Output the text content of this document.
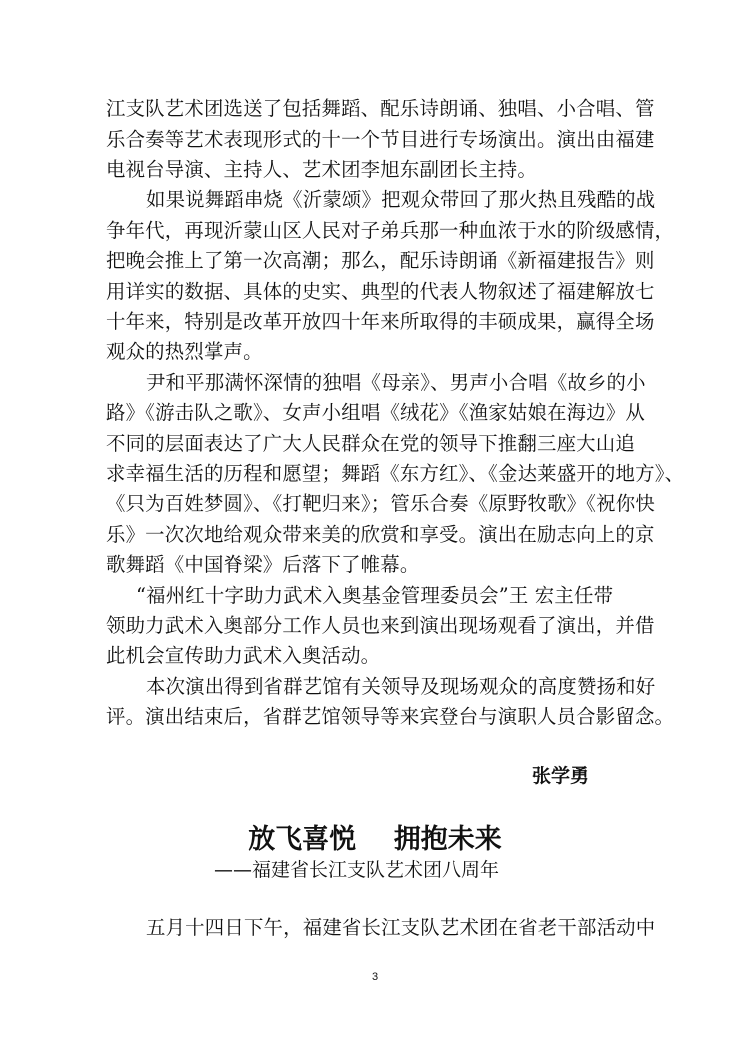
江支队艺术团选送了包括舞蹈、配乐诗朗诵、独唱、小合唱、管
乐合奏等艺术表现形式的十一个节目进行专场演出。演出由福建
电视台导演、主持人、艺术团李旭东副团长主持。
如果说舞蹈串烧《沂蒙颂》把观众带回了那火热且残酷的战
争年代，再现沂蒙山区人民对子弟兵那一种血浓于水的阶级感情，
把晚会推上了第一次高潮；那么，配乐诗朗诵《新福建报告》则
用详实的数据、具体的史实、典型的代表人物叙述了福建解放七
十年来，特别是改革开放四十年来所取得的丰硕成果，赢得全场
观众的热烈掌声。
尹和平那满怀深情的独唱《母亲》、男声小合唱《故乡的小
路》《游击队之歌》、女声小组唱《绒花》《渔家姑娘在海边》从
不同的层面表达了广大人民群众在党的领导下推翻三座大山追
求幸福生活的历程和愿望；舞蹈《东方红》、《金达莱盛开的地方》、
《只为百姓梦圆》、《打靶归来》；管乐合奏《原野牧歌》《祝你快
乐》一次次地给观众带来美的欣赏和享受。演出在励志向上的京
歌舞蹈《中国脊梁》后落下了帷幕。
“福州红十字助力武术入奥基金管理委员会”王 宏主任带
领助力武术入奥部分工作人员也来到演出现场观看了演出，并借
此机会宣传助力武术入奥活动。
本次演出得到省群艺馆有关领导及现场观众的高度赞扬和好
评。演出结束后，省群艺馆领导等来宾登台与演职人员合影留念。
张学勇
放飞喜悦    拥抱未来
——福建省长江支队艺术团八周年
五月十四日下午，福建省长江支队艺术团在省老干部活动中
3
